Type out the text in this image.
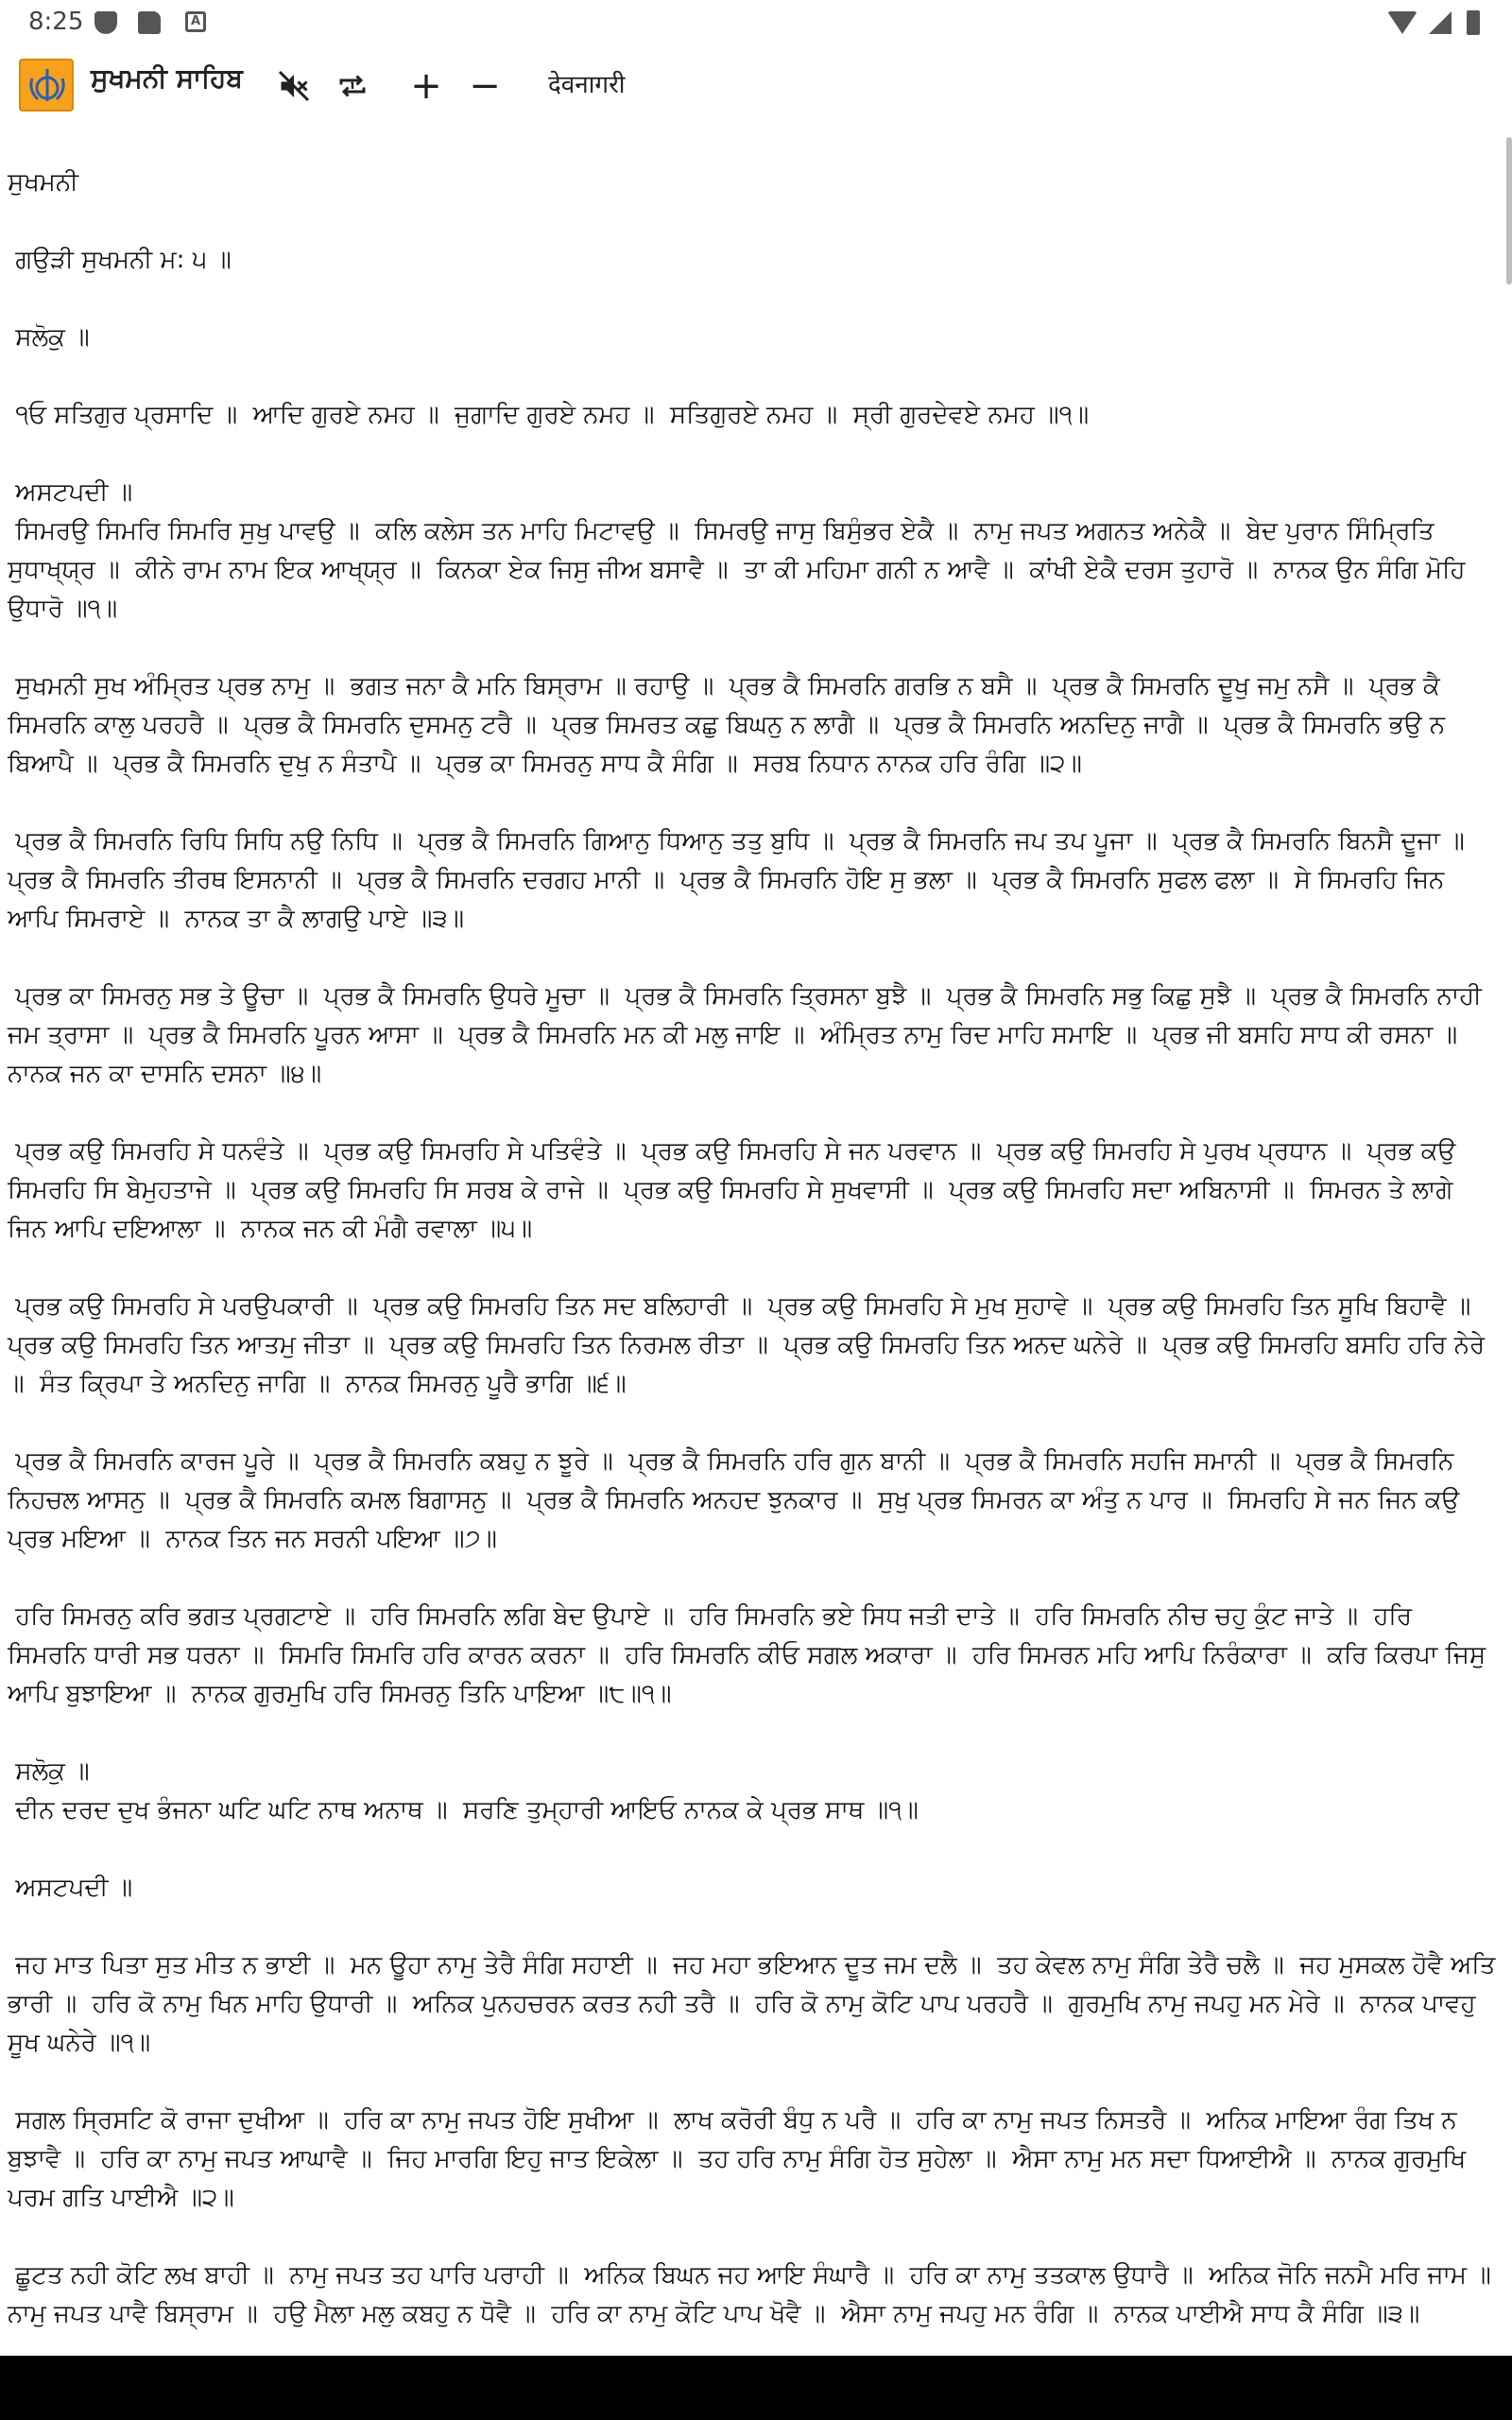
8:25	A
ਸੁਖਮਨੀ ਸਾਹਿਬ	+ −	देवनागरी

ਸੁਖਮਨੀ

ਗਉੜੀ ਸੁਖਮਨੀ ਮ: ੫ ॥

ਸਲੋਕੁ ॥

੧ਓ ਸਤਿਗੁਰ ਪ੍ਰਸਾਦਿ ॥  ਆਦਿ ਗੁਰਏ ਨਮਹ ॥  ਜੁਗਾਦਿ ਗੁਰਏ ਨਮਹ ॥  ਸਤਿਗੁਰਏ ਨਮਹ ॥  ਸ੍ਰੀ ਗੁਰਦੇਵਏ ਨਮਹ ॥੧॥

ਅਸਟਪਦੀ ॥

ਸਿਮਰਉ ਸਿਮਰਿ ਸਿਮਰਿ ਸੁਖੁ ਪਾਵਉ ॥  ਕਲਿ ਕਲੇਸ ਤਨ ਮਾਹਿ ਮਿਟਾਵਉ ॥  ਸਿਮਰਉ ਜਾਸੁ ਬਿਸੁੰਭਰ ਏਕੈ ॥  ਨਾਮੁ ਜਪਤ ਅਗਨਤ ਅਨੇਕੈ ॥  ਬੇਦ ਪੁਰਾਨ ਸਿੰਮ੍ਰਿਤਿ ਸੁਧਾਖ੍ਯ੍ਰ ॥  ਕੀਨੇ ਰਾਮ ਨਾਮ ਇਕ ਆਖ੍ਯ੍ਰ ॥  ਕਿਨਕਾ ਏਕ ਜਿਸੁ ਜੀਅ ਬਸਾਵੈ ॥  ਤਾ ਕੀ ਮਹਿਮਾ ਗਨੀ ਨ ਆਵੈ ॥  ਕਾਂਖੀ ਏਕੈ ਦਰਸ ਤੁਹਾਰੋ ॥  ਨਾਨਕ ਉਨ ਸੰਗਿ ਮੋਹਿ ਉਧਾਰੋ ॥੧॥

ਸੁਖਮਨੀ ਸੁਖ ਅੰਮ੍ਰਿਤ ਪ੍ਰਭ ਨਾਮੁ ॥  ਭਗਤ ਜਨਾ ਕੈ ਮਨਿ ਬਿਸ੍ਰਾਮ ॥ ਰਹਾਉ ॥  ਪ੍ਰਭ ਕੈ ਸਿਮਰਨਿ ਗਰਭਿ ਨ ਬਸੈ ॥  ਪ੍ਰਭ ਕੈ ਸਿਮਰਨਿ ਦੂਖੁ ਜਮੁ ਨਸੈ ॥  ਪ੍ਰਭ ਕੈ ਸਿਮਰਨਿ ਕਾਲੁ ਪਰਹਰੈ ॥  ਪ੍ਰਭ ਕੈ ਸਿਮਰਨਿ ਦੁਸਮਨੁ ਟਰੈ ॥  ਪ੍ਰਭ ਸਿਮਰਤ ਕਛੁ ਬਿਘਨੁ ਨ ਲਾਗੈ ॥  ਪ੍ਰਭ ਕੈ ਸਿਮਰਨਿ ਅਨਦਿਨੁ ਜਾਗੈ ॥  ਪ੍ਰਭ ਕੈ ਸਿਮਰਨਿ ਭਉ ਨ ਬਿਆਪੈ ॥  ਪ੍ਰਭ ਕੈ ਸਿਮਰਨਿ ਦੁਖੁ ਨ ਸੰਤਾਪੈ ॥  ਪ੍ਰਭ ਕਾ ਸਿਮਰਨੁ ਸਾਧ ਕੈ ਸੰਗਿ ॥  ਸਰਬ ਨਿਧਾਨ ਨਾਨਕ ਹਰਿ ਰੰਗਿ ॥੨॥

ਪ੍ਰਭ ਕੈ ਸਿਮਰਨਿ ਰਿਧਿ ਸਿਧਿ ਨਉ ਨਿਧਿ ॥  ਪ੍ਰਭ ਕੈ ਸਿਮਰਨਿ ਗਿਆਨੁ ਧਿਆਨੁ ਤਤੁ ਬੁਧਿ ॥  ਪ੍ਰਭ ਕੈ ਸਿਮਰਨਿ ਜਪ ਤਪ ਪੂਜਾ ॥  ਪ੍ਰਭ ਕੈ ਸਿਮਰਨਿ ਬਿਨਸੈ ਦੂਜਾ ॥  ਪ੍ਰਭ ਕੈ ਸਿਮਰਨਿ ਤੀਰਥ ਇਸਨਾਨੀ ॥  ਪ੍ਰਭ ਕੈ ਸਿਮਰਨਿ ਦਰਗਹ ਮਾਨੀ ॥  ਪ੍ਰਭ ਕੈ ਸਿਮਰਨਿ ਹੋਇ ਸੁ ਭਲਾ ॥  ਪ੍ਰਭ ਕੈ ਸਿਮਰਨਿ ਸੁਫਲ ਫਲਾ ॥  ਸੇ ਸਿਮਰਹਿ ਜਿਨ ਆਪਿ ਸਿਮਰਾਏ ॥  ਨਾਨਕ ਤਾ ਕੈ ਲਾਗਉ ਪਾਏ ॥੩॥

ਪ੍ਰਭ ਕਾ ਸਿਮਰਨੁ ਸਭ ਤੇ ਊਚਾ ॥  ਪ੍ਰਭ ਕੈ ਸਿਮਰਨਿ ਉਧਰੇ ਮੂਚਾ ॥  ਪ੍ਰਭ ਕੈ ਸਿਮਰਨਿ ਤ੍ਰਿਸਨਾ ਬੁਝੈ ॥  ਪ੍ਰਭ ਕੈ ਸਿਮਰਨਿ ਸਭੁ ਕਿਛੁ ਸੁਝੈ ॥  ਪ੍ਰਭ ਕੈ ਸਿਮਰਨਿ ਨਾਹੀ ਜਮ ਤ੍ਰਾਸਾ ॥  ਪ੍ਰਭ ਕੈ ਸਿਮਰਨਿ ਪੂਰਨ ਆਸਾ ॥  ਪ੍ਰਭ ਕੈ ਸਿਮਰਨਿ ਮਨ ਕੀ ਮਲੁ ਜਾਇ ॥  ਅੰਮ੍ਰਿਤ ਨਾਮੁ ਰਿਦ ਮਾਹਿ ਸਮਾਇ ॥  ਪ੍ਰਭ ਜੀ ਬਸਹਿ ਸਾਧ ਕੀ ਰਸਨਾ ॥  ਨਾਨਕ ਜਨ ਕਾ ਦਾਸਨਿ ਦਸਨਾ ॥੪॥

ਪ੍ਰਭ ਕਉ ਸਿਮਰਹਿ ਸੇ ਧਨਵੰਤੇ ॥  ਪ੍ਰਭ ਕਉ ਸਿਮਰਹਿ ਸੇ ਪਤਿਵੰਤੇ ॥  ਪ੍ਰਭ ਕਉ ਸਿਮਰਹਿ ਸੇ ਜਨ ਪਰਵਾਨ ॥  ਪ੍ਰਭ ਕਉ ਸਿਮਰਹਿ ਸੇ ਪੁਰਖ ਪ੍ਰਧਾਨ ॥  ਪ੍ਰਭ ਕਉ ਸਿਮਰਹਿ ਸਿ ਬੇਮੁਹਤਾਜੇ ॥  ਪ੍ਰਭ ਕਉ ਸਿਮਰਹਿ ਸਿ ਸਰਬ ਕੇ ਰਾਜੇ ॥  ਪ੍ਰਭ ਕਉ ਸਿਮਰਹਿ ਸੇ ਸੁਖਵਾਸੀ ॥  ਪ੍ਰਭ ਕਉ ਸਿਮਰਹਿ ਸਦਾ ਅਬਿਨਾਸੀ ॥  ਸਿਮਰਨ ਤੇ ਲਾਗੇ ਜਿਨ ਆਪਿ ਦਇਆਲਾ ॥  ਨਾਨਕ ਜਨ ਕੀ ਮੰਗੈ ਰਵਾਲਾ ॥੫॥

ਪ੍ਰਭ ਕਉ ਸਿਮਰਹਿ ਸੇ ਪਰਉਪਕਾਰੀ ॥  ਪ੍ਰਭ ਕਉ ਸਿਮਰਹਿ ਤਿਨ ਸਦ ਬਲਿਹਾਰੀ ॥  ਪ੍ਰਭ ਕਉ ਸਿਮਰਹਿ ਸੇ ਮੁਖ ਸੁਹਾਵੇ ॥  ਪ੍ਰਭ ਕਉ ਸਿਮਰਹਿ ਤਿਨ ਸੂਖਿ ਬਿਹਾਵੈ ॥  ਪ੍ਰਭ ਕਉ ਸਿਮਰਹਿ ਤਿਨ ਆਤਮੁ ਜੀਤਾ ॥  ਪ੍ਰਭ ਕਉ ਸਿਮਰਹਿ ਤਿਨ ਨਿਰਮਲ ਰੀਤਾ ॥  ਪ੍ਰਭ ਕਉ ਸਿਮਰਹਿ ਤਿਨ ਅਨਦ ਘਨੇਰੇ ॥  ਪ੍ਰਭ ਕਉ ਸਿਮਰਹਿ ਬਸਹਿ ਹਰਿ ਨੇਰੇ ॥  ਸੰਤ ਕ੍ਰਿਪਾ ਤੇ ਅਨਦਿਨੁ ਜਾਗਿ ॥  ਨਾਨਕ ਸਿਮਰਨੁ ਪੂਰੈ ਭਾਗਿ ॥੬॥

ਪ੍ਰਭ ਕੈ ਸਿਮਰਨਿ ਕਾਰਜ ਪੂਰੇ ॥  ਪ੍ਰਭ ਕੈ ਸਿਮਰਨਿ ਕਬਹੁ ਨ ਝੂਰੇ ॥  ਪ੍ਰਭ ਕੈ ਸਿਮਰਨਿ ਹਰਿ ਗੁਨ ਬਾਨੀ ॥  ਪ੍ਰਭ ਕੈ ਸਿਮਰਨਿ ਸਹਜਿ ਸਮਾਨੀ ॥  ਪ੍ਰਭ ਕੈ ਸਿਮਰਨਿ ਨਿਹਚਲ ਆਸਨੁ ॥  ਪ੍ਰਭ ਕੈ ਸਿਮਰਨਿ ਕਮਲ ਬਿਗਾਸਨੁ ॥  ਪ੍ਰਭ ਕੈ ਸਿਮਰਨਿ ਅਨਹਦ ਝੁਨਕਾਰ ॥  ਸੁਖੁ ਪ੍ਰਭ ਸਿਮਰਨ ਕਾ ਅੰਤੁ ਨ ਪਾਰ ॥  ਸਿਮਰਹਿ ਸੇ ਜਨ ਜਿਨ ਕਉ ਪ੍ਰਭ ਮਇਆ ॥  ਨਾਨਕ ਤਿਨ ਜਨ ਸਰਨੀ ਪਇਆ ॥੭॥

ਹਰਿ ਸਿਮਰਨੁ ਕਰਿ ਭਗਤ ਪ੍ਰਗਟਾਏ ॥  ਹਰਿ ਸਿਮਰਨਿ ਲਗਿ ਬੇਦ ਉਪਾਏ ॥  ਹਰਿ ਸਿਮਰਨਿ ਭਏ ਸਿਧ ਜਤੀ ਦਾਤੇ ॥  ਹਰਿ ਸਿਮਰਨਿ ਨੀਚ ਚਹੁ ਕੁੰਟ ਜਾਤੇ ॥  ਹਰਿ ਸਿਮਰਨਿ ਧਾਰੀ ਸਭ ਧਰਨਾ ॥  ਸਿਮਰਿ ਸਿਮਰਿ ਹਰਿ ਕਾਰਨ ਕਰਨਾ ॥  ਹਰਿ ਸਿਮਰਨਿ ਕੀਓ ਸਗਲ ਅਕਾਰਾ ॥  ਹਰਿ ਸਿਮਰਨ ਮਹਿ ਆਪਿ ਨਿਰੰਕਾਰਾ ॥  ਕਰਿ ਕਿਰਪਾ ਜਿਸੁ ਆਪਿ ਬੁਝਾਇਆ ॥  ਨਾਨਕ ਗੁਰਮੁਖਿ ਹਰਿ ਸਿਮਰਨੁ ਤਿਨਿ ਪਾਇਆ ॥੮॥੧॥

ਸਲੋਕੁ ॥

ਦੀਨ ਦਰਦ ਦੁਖ ਭੰਜਨਾ ਘਟਿ ਘਟਿ ਨਾਥ ਅਨਾਥ ॥  ਸਰਣਿ ਤੁਮ੍ਹਾਰੀ ਆਇਓ ਨਾਨਕ ਕੇ ਪ੍ਰਭ ਸਾਥ ॥੧॥

ਅਸਟਪਦੀ ॥

ਜਹ ਮਾਤ ਪਿਤਾ ਸੁਤ ਮੀਤ ਨ ਭਾਈ ॥  ਮਨ ਊਹਾ ਨਾਮੁ ਤੇਰੈ ਸੰਗਿ ਸਹਾਈ ॥  ਜਹ ਮਹਾ ਭਇਆਨ ਦੂਤ ਜਮ ਦਲੈ ॥  ਤਹ ਕੇਵਲ ਨਾਮੁ ਸੰਗਿ ਤੇਰੈ ਚਲੈ ॥  ਜਹ ਮੁਸਕਲ ਹੋਵੈ ਅਤਿ ਭਾਰੀ ॥  ਹਰਿ ਕੋ ਨਾਮੁ ਖਿਨ ਮਾਹਿ ਉਧਾਰੀ ॥  ਅਨਿਕ ਪੁਨਹਚਰਨ ਕਰਤ ਨਹੀ ਤਰੈ ॥  ਹਰਿ ਕੋ ਨਾਮੁ ਕੋਟਿ ਪਾਪ ਪਰਹਰੈ ॥  ਗੁਰਮੁਖਿ ਨਾਮੁ ਜਪਹੁ ਮਨ ਮੇਰੇ ॥  ਨਾਨਕ ਪਾਵਹੁ ਸੂਖ ਘਨੇਰੇ ॥੧॥

ਸਗਲ ਸ੍ਰਿਸਟਿ ਕੋ ਰਾਜਾ ਦੁਖੀਆ ॥  ਹਰਿ ਕਾ ਨਾਮੁ ਜਪਤ ਹੋਇ ਸੁਖੀਆ ॥  ਲਾਖ ਕਰੋਰੀ ਬੰਧੁ ਨ ਪਰੈ ॥  ਹਰਿ ਕਾ ਨਾਮੁ ਜਪਤ ਨਿਸਤਰੈ ॥  ਅਨਿਕ ਮਾਇਆ ਰੰਗ ਤਿਖ ਨ ਬੁਝਾਵੈ ॥  ਹਰਿ ਕਾ ਨਾਮੁ ਜਪਤ ਆਘਾਵੈ ॥  ਜਿਹ ਮਾਰਗਿ ਇਹੁ ਜਾਤ ਇਕੇਲਾ ॥  ਤਹ ਹਰਿ ਨਾਮੁ ਸੰਗਿ ਹੋਤ ਸੁਹੇਲਾ ॥  ਐਸਾ ਨਾਮੁ ਮਨ ਸਦਾ ਧਿਆਈਐ ॥  ਨਾਨਕ ਗੁਰਮੁਖਿ ਪਰਮ ਗਤਿ ਪਾਈਐ ॥੨॥

ਛੂਟਤ ਨਹੀ ਕੋਟਿ ਲਖ ਬਾਹੀ ॥  ਨਾਮੁ ਜਪਤ ਤਹ ਪਾਰਿ ਪਰਾਹੀ ॥  ਅਨਿਕ ਬਿਘਨ ਜਹ ਆਇ ਸੰਘਾਰੈ ॥  ਹਰਿ ਕਾ ਨਾਮੁ ਤਤਕਾਲ ਉਧਾਰੈ ॥  ਅਨਿਕ ਜੋਨਿ ਜਨਮੈ ਮਰਿ ਜਾਮ ॥  ਨਾਮੁ ਜਪਤ ਪਾਵੈ ਬਿਸ੍ਰਾਮ ॥  ਹਉ ਮੈਲਾ ਮਲੁ ਕਬਹੁ ਨ ਧੋਵੈ ॥  ਹਰਿ ਕਾ ਨਾਮੁ ਕੋਟਿ ਪਾਪ ਖੋਵੈ ॥  ਐਸਾ ਨਾਮੁ ਜਪਹੁ ਮਨ ਰੰਗਿ ॥  ਨਾਨਕ ਪਾਈਐ ਸਾਧ ਕੈ ਸੰਗਿ ॥੩॥
